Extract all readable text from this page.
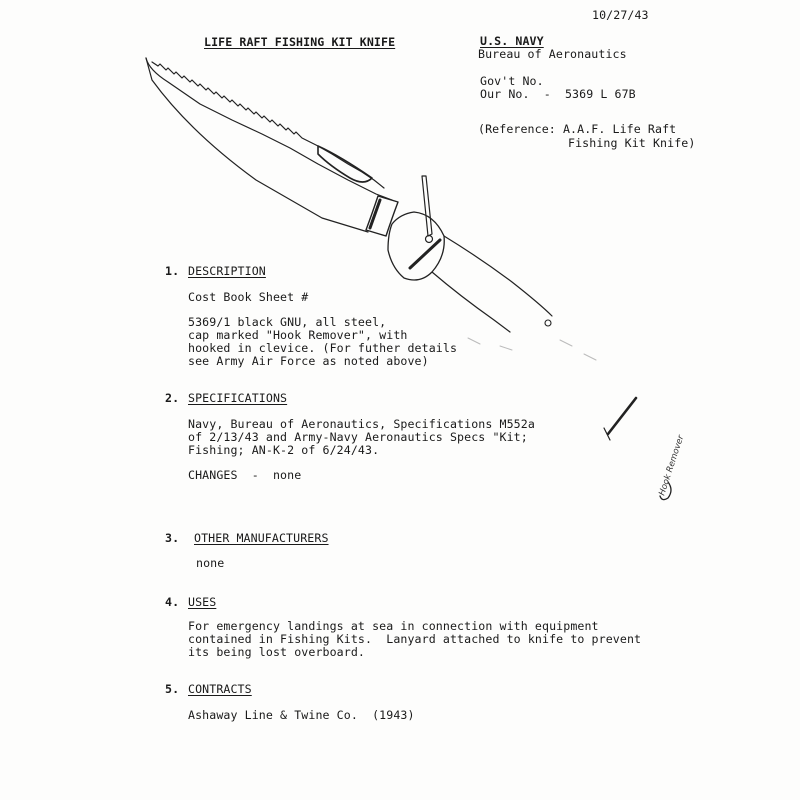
Hook Remover
10/27/43
LIFE RAFT FISHING KIT KNIFE	U.S. NAVY
Bureau of Aeronautics
Gov't No.
Our No.  -  5369 L 67B
(Reference: A.A.F. Life Raft
Fishing Kit Knife)
1. DESCRIPTION
Cost Book Sheet #
5369/1 black GNU, all steel,
cap marked "Hook Remover", with
hooked in clevice. (For futher details
see Army Air Force as noted above)
2. SPECIFICATIONS
Navy, Bureau of Aeronautics, Specifications M552a
of 2/13/43 and Army-Navy Aeronautics Specs "Kit;
Fishing; AN-K-2 of 6/24/43.
CHANGES  -  none
3. OTHER MANUFACTURERS
none
4. USES
For emergency landings at sea in connection with equipment
contained in Fishing Kits.  Lanyard attached to knife to prevent
its being lost overboard.
5. CONTRACTS
Ashaway Line & Twine Co.  (1943)
